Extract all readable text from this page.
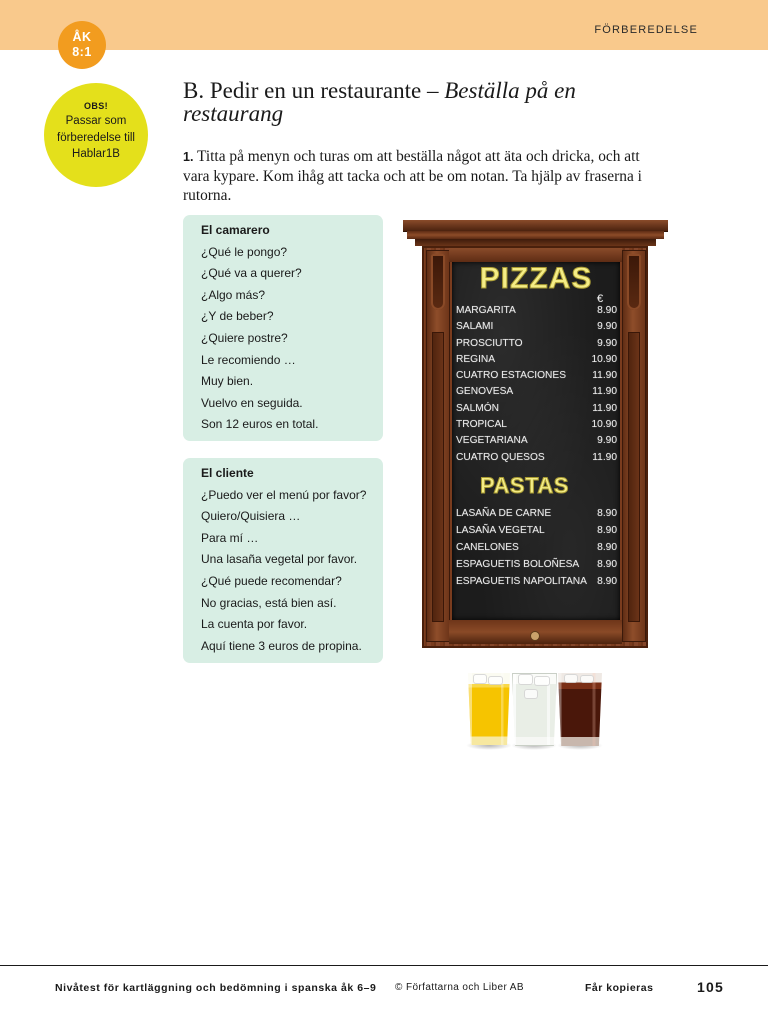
FÖRBEREDELSE
ÅK
8:1
OBS!
Passar som
förberedelse till
Hablar1B
B. Pedir en un restaurante – Beställa på en restaurang

1. Titta på menyn och turas om att beställa något att äta och dricka, och att vara kypare. Kom ihåg att tacka och att be om notan. Ta hjälp av fraserna i rutorna.

El camarero
¿Qué le pongo?
¿Qué va a querer?
¿Algo más?
¿Y de beber?
¿Quiere postre?
Le recomiendo …
Muy bien.
Vuelvo en seguida.
Son 12 euros en total.
El cliente
¿Puedo ver el menú por favor?
Quiero/Quisiera …
Para mí …
Una lasaña vegetal por favor.
¿Qué puede recomendar?
No gracias, está bien así.
La cuenta por favor.
Aquí tiene 3 euros de propina.
PIZZAS
€
MARGARITA	8.90
SALAMI	9.90
PROSCIUTTO	9.90
REGINA	10.90
CUATRO ESTACIONES	11.90
GENOVESA	11.90
SALMÓN	11.90
TROPICAL	10.90
VEGETARIANA	9.90
CUATRO QUESOS	11.90
PASTAS
LASAÑA DE CARNE	8.90
LASAÑA VEGETAL	8.90
CANELONES	8.90
ESPAGUETIS BOLOÑESA 8.90
ESPAGUETIS NAPOLITANA 8.90
Nivåtest för kartläggning och bedömning i spanska åk 6–9 © Författarna och Liber AB	Får kopieras	105
